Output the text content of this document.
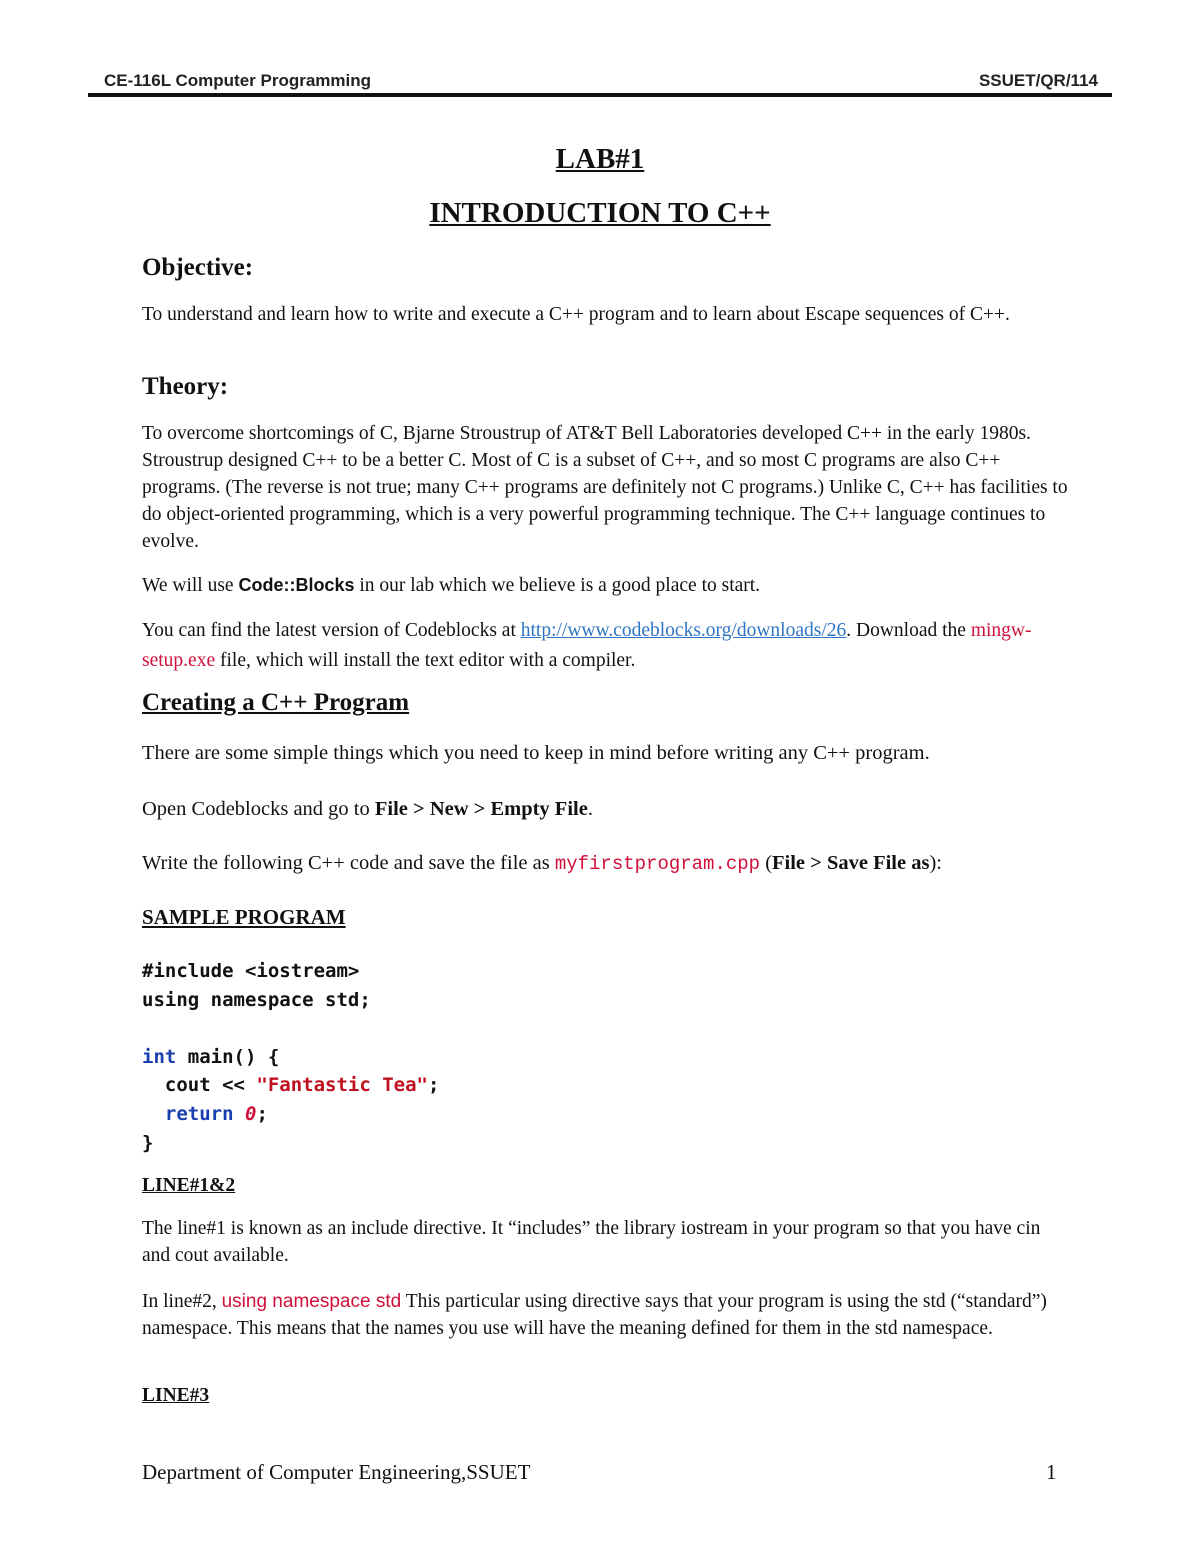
CE-116L Computer Programming	SSUET/QR/114
LAB#1
INTRODUCTION TO C++
Objective:
To understand and learn how to write and execute a C++ program and to learn about Escape sequences of C++.
Theory:
To overcome shortcomings of C, Bjarne Stroustrup of AT&T Bell Laboratories developed C++ in the early 1980s. Stroustrup designed C++ to be a better C. Most of C is a subset of C++, and so most C programs are also C++ programs. (The reverse is not true; many C++ programs are definitely not C programs.) Unlike C, C++ has facilities to do object-oriented programming, which is a very powerful programming technique. The C++ language continues to evolve.
We will use Code::Blocks in our lab which we believe is a good place to start.
You can find the latest version of Codeblocks at http://www.codeblocks.org/downloads/26. Download the mingw-setup.exe file, which will install the text editor with a compiler.
Creating a C++ Program
There are some simple things which you need to keep in mind before writing any C++ program.
Open Codeblocks and go to File > New > Empty File.
Write the following C++ code and save the file as myfirstprogram.cpp (File > Save File as):
SAMPLE PROGRAM
#include <iostream>
using namespace std;

int main() {
cout << "Fantastic Tea";
return 0;
}
LINE#1&2
The line#1 is known as an include directive. It “includes” the library iostream in your program so that you have cin and cout available.
In line#2, using namespace std This particular using directive says that your program is using the std (“standard”) namespace. This means that the names you use will have the meaning defined for them in the std namespace.
LINE#3
Department of Computer Engineering,SSUET	1
